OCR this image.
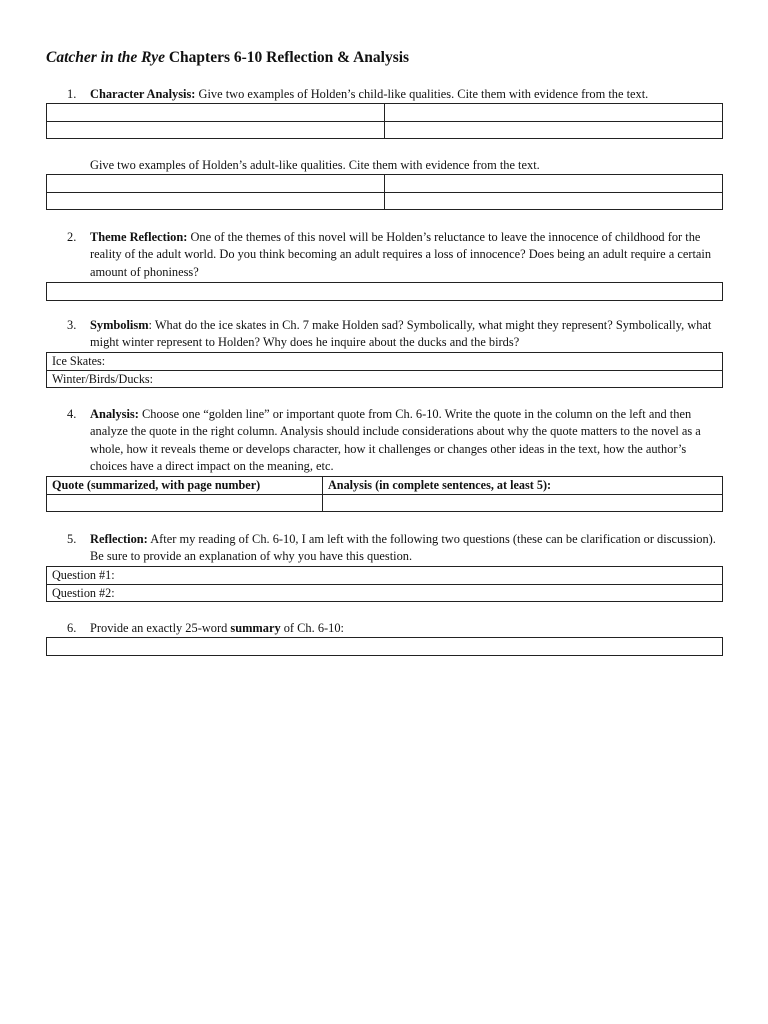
Catcher in the Rye Chapters 6-10 Reflection & Analysis
1. Character Analysis: Give two examples of Holden’s child-like qualities. Cite them with evidence from the text.

Give two examples of Holden’s adult-like qualities. Cite them with evidence from the text.

2. Theme Reflection: One of the themes of this novel will be Holden’s reluctance to leave the innocence of childhood for the reality of the adult world. Do you think becoming an adult requires a loss of innocence? Does being an adult require a certain amount of phoniness?
3. Symbolism: What do the ice skates in Ch. 7 make Holden sad? Symbolically, what might they represent? Symbolically, what might winter represent to Holden? Why does he inquire about the ducks and the birds?
Ice Skates:
Winter/Birds/Ducks:
4. Analysis: Choose one “golden line” or important quote from Ch. 6-10. Write the quote in the column on the left and then analyze the quote in the right column. Analysis should include considerations about why the quote matters to the novel as a whole, how it reveals theme or develops character, how it challenges or changes other ideas in the text, how the author’s choices have a direct impact on the meaning, etc.
Quote (summarized, with page number)	Analysis (in complete sentences, at least 5):

5. Reflection: After my reading of Ch. 6-10, I am left with the following two questions (these can be clarification or discussion). Be sure to provide an explanation of why you have this question.
Question #1:
Question #2:
6. Provide an exactly 25-word summary of Ch. 6-10:
